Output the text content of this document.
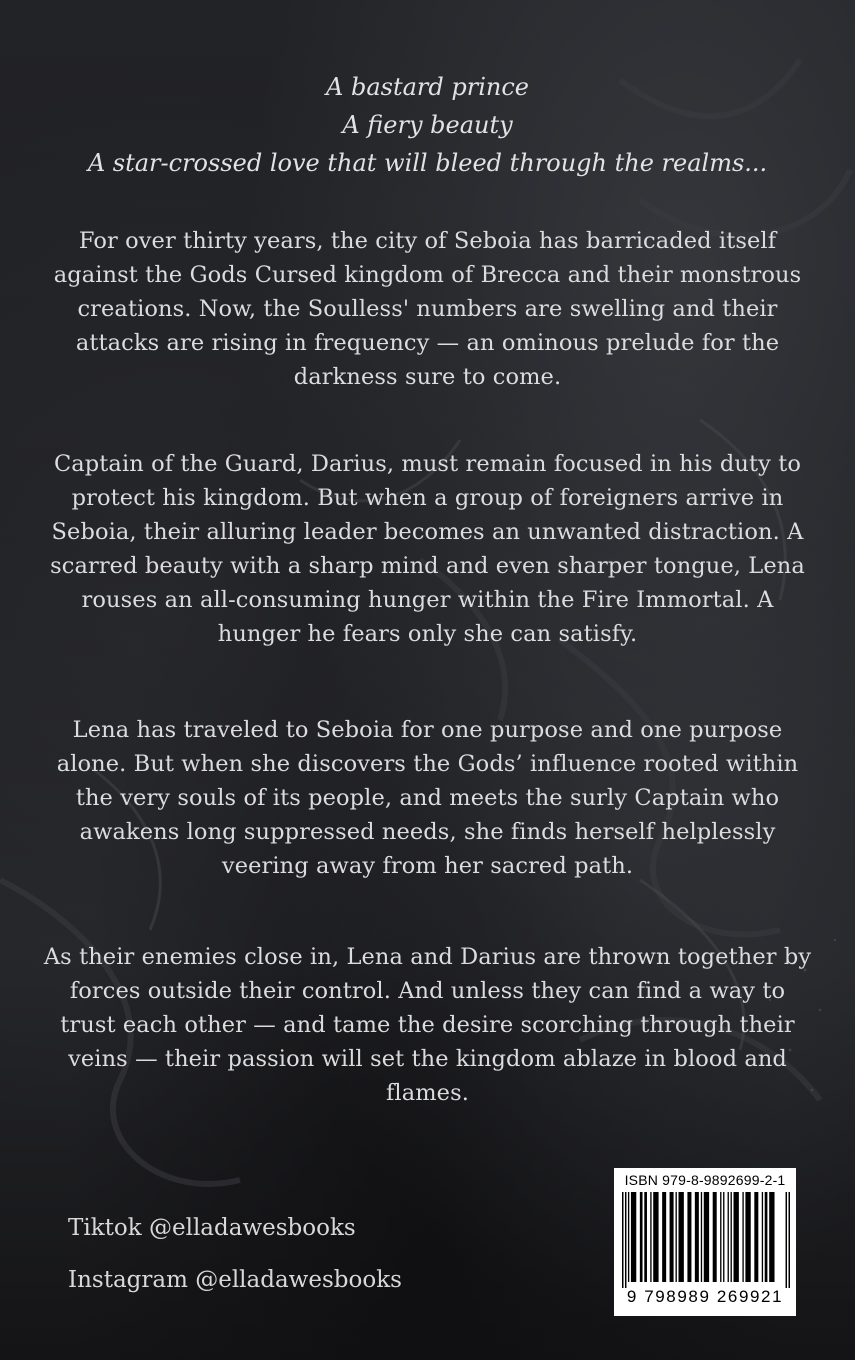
A bastard prince
A fiery beauty
A star-crossed love that will bleed through the realms...

For over thirty years, the city of Seboia has barricaded itself against the Gods Cursed kingdom of Brecca and their monstrous creations. Now, the Soulless' numbers are swelling and their attacks are rising in frequency — an ominous prelude for the darkness sure to come.

Captain of the Guard, Darius, must remain focused in his duty to protect his kingdom. But when a group of foreigners arrive in Seboia, their alluring leader becomes an unwanted distraction. A scarred beauty with a sharp mind and even sharper tongue, Lena rouses an all-consuming hunger within the Fire Immortal. A hunger he fears only she can satisfy.

Lena has traveled to Seboia for one purpose and one purpose alone. But when she discovers the Gods’ influence rooted within the very souls of its people, and meets the surly Captain who awakens long suppressed needs, she finds herself helplessly veering away from her sacred path.

As their enemies close in, Lena and Darius are thrown together by forces outside their control. And unless they can find a way to trust each other — and tame the desire scorching through their veins — their passion will set the kingdom ablaze in blood and flames.

Tiktok @elladawesbooks

Instagram @elladawesbooks

ISBN 979-8-9892699-2-1
9 798989 269921
